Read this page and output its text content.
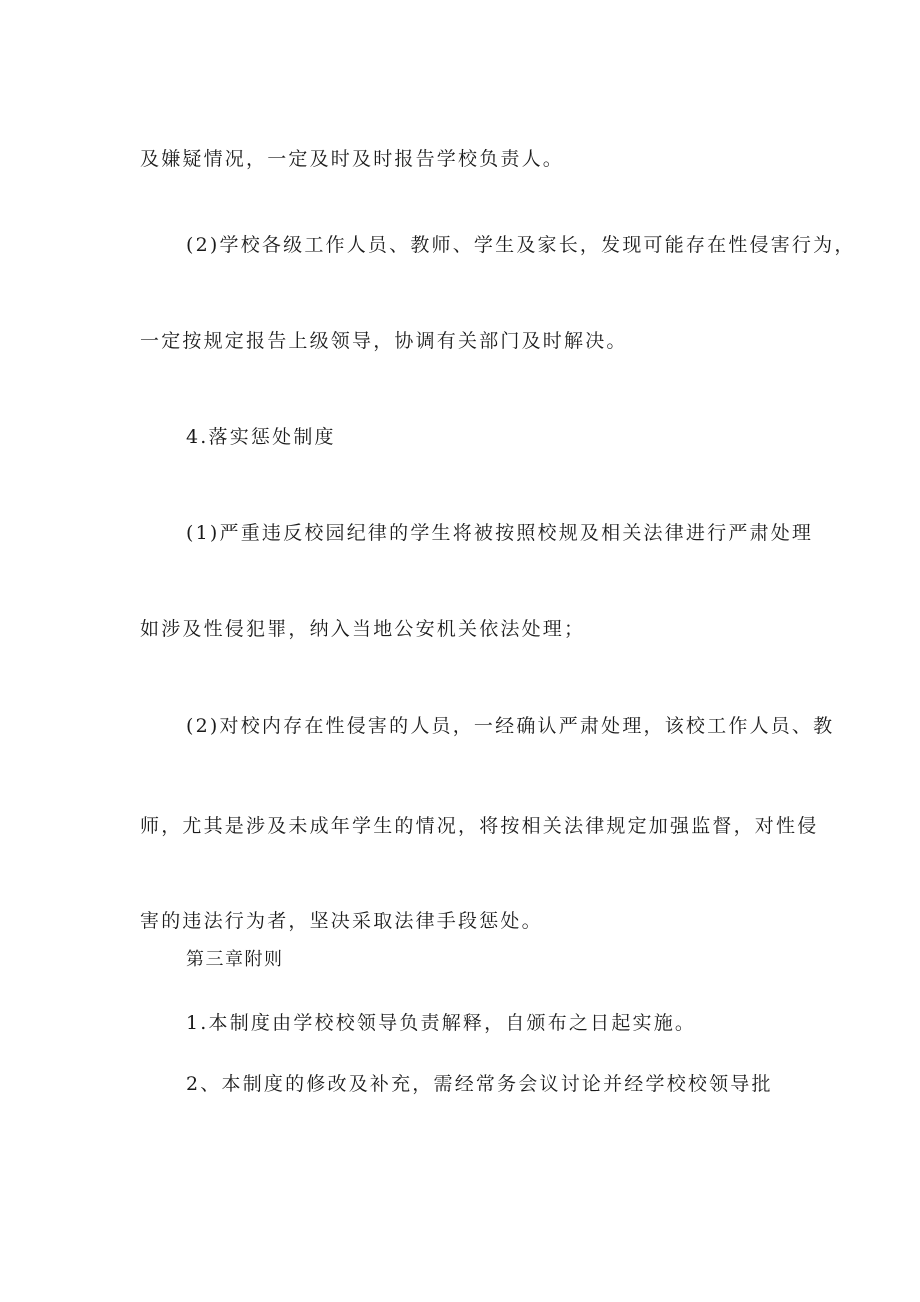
及嫌疑情况，一定及时及时报告学校负责人。
(2)学校各级工作人员、教师、学生及家长，发现可能存在性侵害行为，
一定按规定报告上级领导，协调有关部门及时解决。
4.落实惩处制度
(1)严重违反校园纪律的学生将被按照校规及相关法律进行严肃处理
如涉及性侵犯罪，纳入当地公安机关依法处理；
(2)对校内存在性侵害的人员，一经确认严肃处理，该校工作人员、教
师，尤其是涉及未成年学生的情况，将按相关法律规定加强监督，对性侵
害的违法行为者，坚决采取法律手段惩处。
第三章附则
1.本制度由学校校领导负责解释，自颁布之日起实施。
2、本制度的修改及补充，需经常务会议讨论并经学校校领导批
